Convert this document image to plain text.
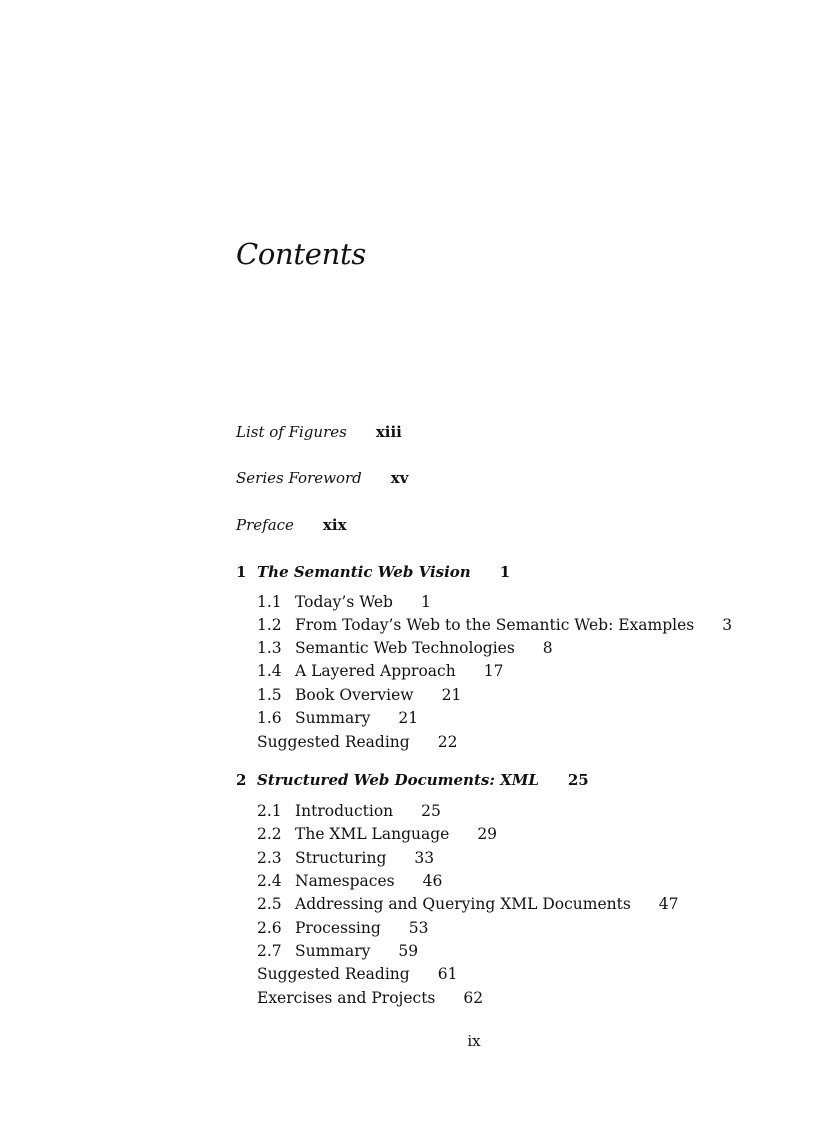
Contents
List of Figures xiii
Series Foreword xv
Preface xix
1 The Semantic Web Vision 1
1.1 Today’s Web 1
1.2 From Today’s Web to the Semantic Web: Examples 3
1.3 Semantic Web Technologies 8
1.4 A Layered Approach 17
1.5 Book Overview 21
1.6 Summary 21
Suggested Reading 22
2 Structured Web Documents: XML 25
2.1 Introduction 25
2.2 The XML Language 29
2.3 Structuring 33
2.4 Namespaces 46
2.5 Addressing and Querying XML Documents 47
2.6 Processing 53
2.7 Summary 59
Suggested Reading 61
Exercises and Projects 62
ix
